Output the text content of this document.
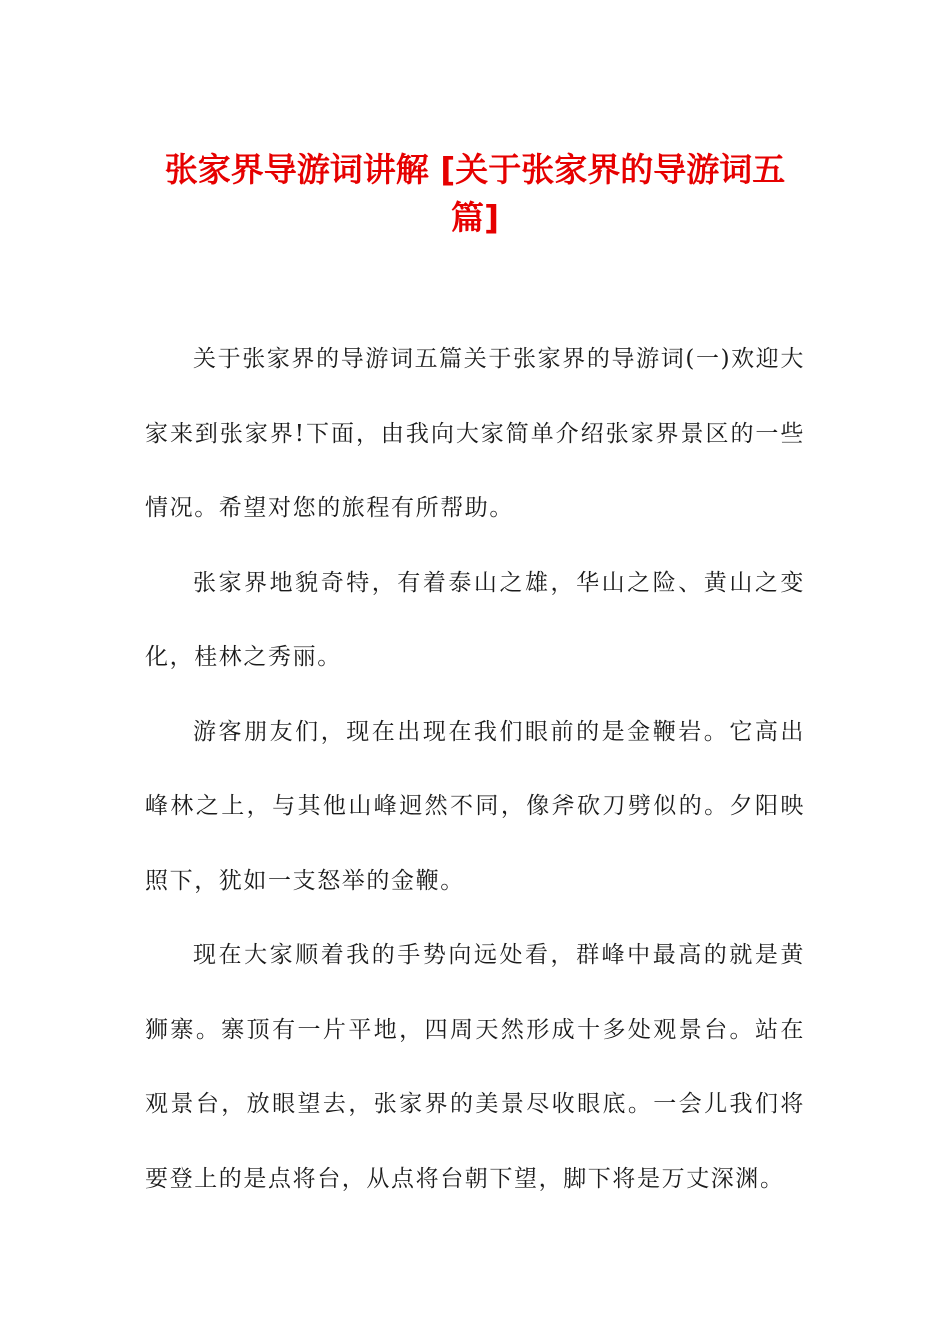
张家界导游词讲解 [关于张家界的导游词五篇]

关于张家界的导游词五篇关于张家界的导游词(一)欢迎大家来到张家界!下面，由我向大家简单介绍张家界景区的一些情况。希望对您的旅程有所帮助。

张家界地貌奇特，有着泰山之雄，华山之险、黄山之变化，桂林之秀丽。

游客朋友们，现在出现在我们眼前的是金鞭岩。它高出峰林之上，与其他山峰迥然不同，像斧砍刀劈似的。夕阳映照下，犹如一支怒举的金鞭。

现在大家顺着我的手势向远处看，群峰中最高的就是黄狮寨。寨顶有一片平地，四周天然形成十多处观景台。站在观景台，放眼望去，张家界的美景尽收眼底。一会儿我们将要登上的是点将台，从点将台朝下望，脚下将是万丈深渊。
